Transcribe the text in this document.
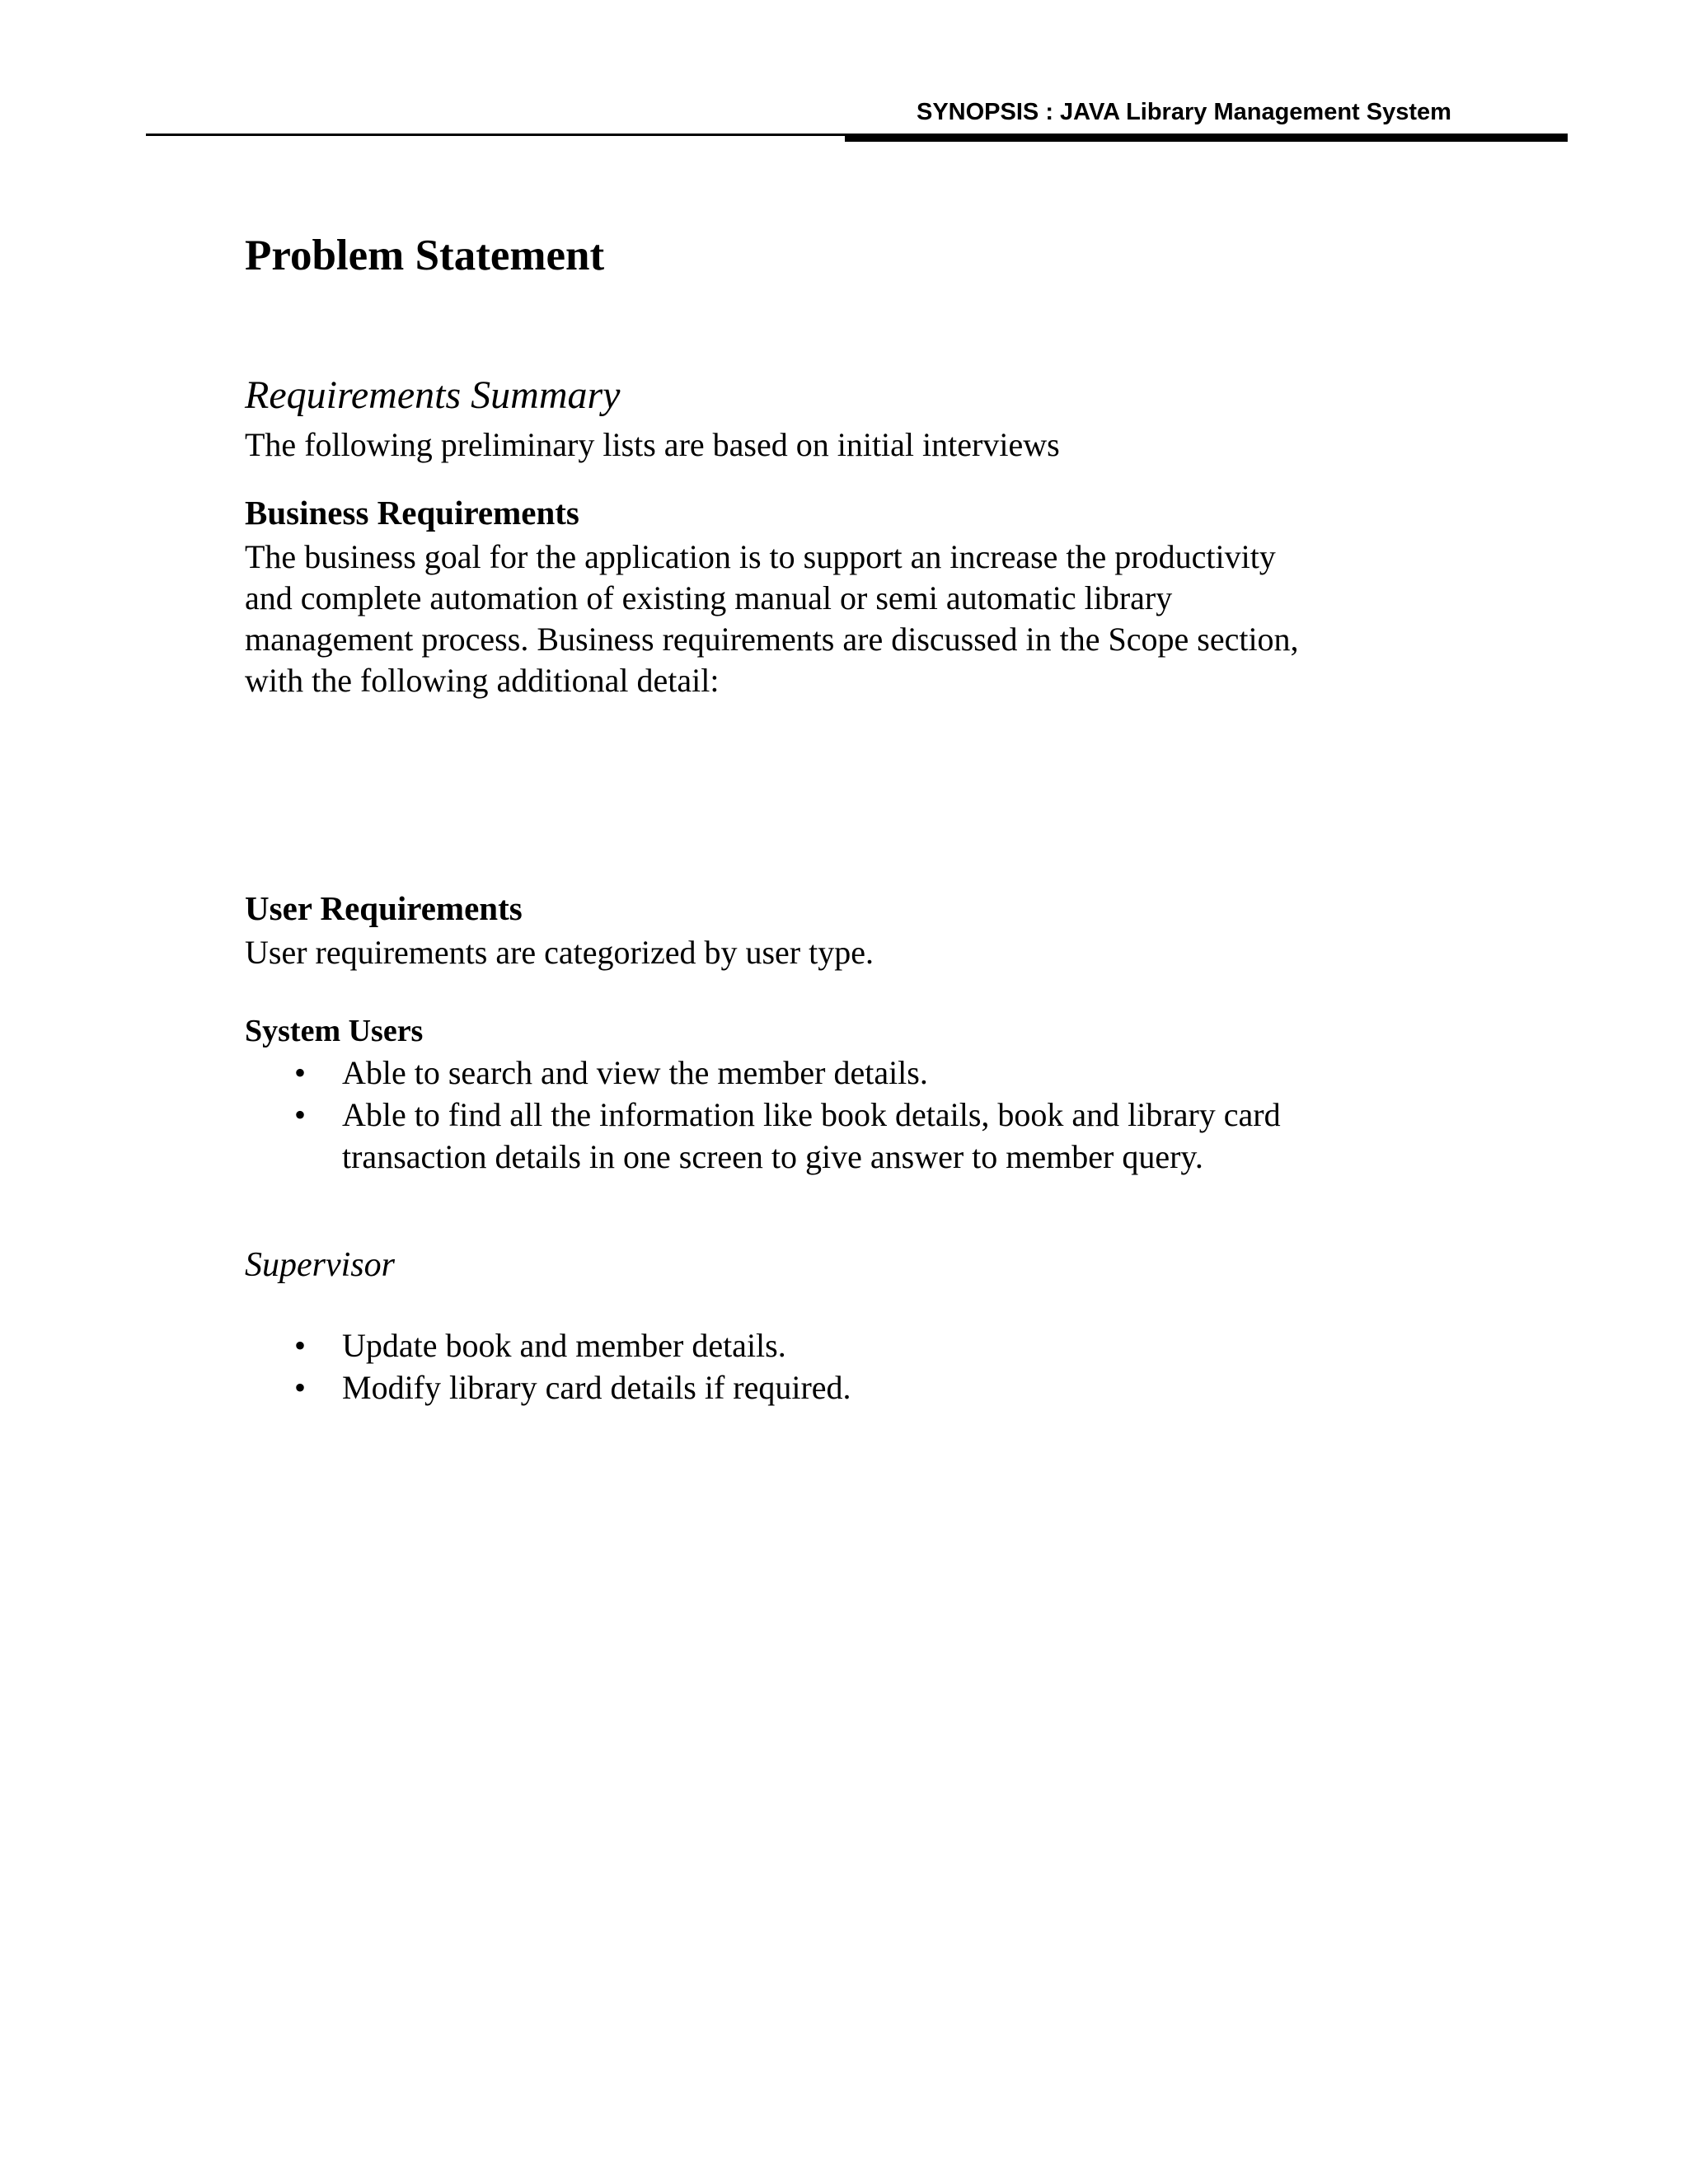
SYNOPSIS : JAVA Library Management System
Problem Statement
Requirements Summary

The following preliminary lists are based on initial interviews

Business Requirements

The business goal for the application is to support an increase the productivity
and complete automation of existing manual or semi automatic library
management process. Business requirements are discussed in the Scope section,
with the following additional detail:

User Requirements

User requirements are categorized by user type.

System Users
• Able to search and view the member details.
• Able to find all the information like book details, book and library card
transaction details in one screen to give answer to member query.
Supervisor
• Update book and member details.
• Modify library card details if required.
